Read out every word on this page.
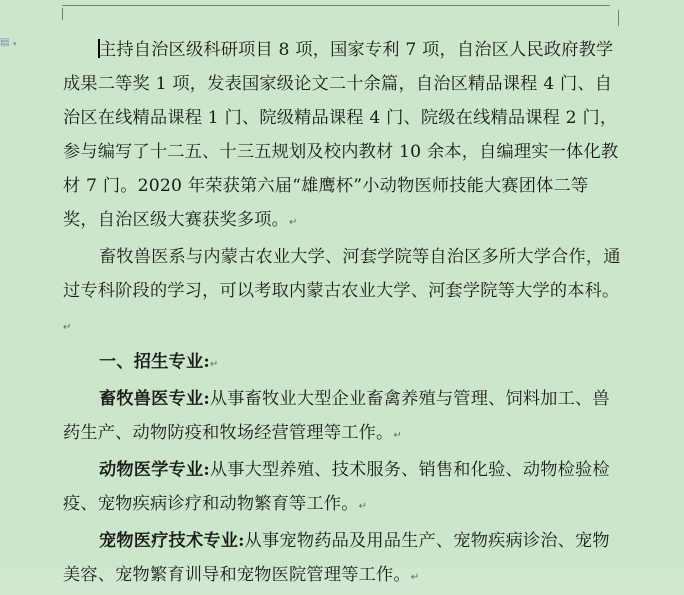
▤ ▾	主持自治区级科研项目 8 项，国家专利 7 项，自治区人民政府教学成果二等奖 1 项，发表国家级论文二十余篇，自治区精品课程 4 门、自治区在线精品课程 1 门、院级精品课程 4 门、院级在线精品课程 2 门，参与编写了十二五、十三五规划及校内教材 10 余本，自编理实一体化教材 7 门。2020 年荣获第六届“雄鹰杯”小动物医师技能大赛团体二等奖，自治区级大赛获奖多项。↵

畜牧兽医系与内蒙古农业大学、河套学院等自治区多所大学合作，通过专科阶段的学习，可以考取内蒙古农业大学、河套学院等大学的本科。↵

一、招生专业:↵

畜牧兽医专业:从事畜牧业大型企业畜禽养殖与管理、饲料加工、兽药生产、动物防疫和牧场经营管理等工作。↵

动物医学专业:从事大型养殖、技术服务、销售和化验、动物检验检疫、宠物疾病诊疗和动物繁育等工作。↵

宠物医疗技术专业:从事宠物药品及用品生产、宠物疾病诊治、宠物美容、宠物繁育训导和宠物医院管理等工作。↵
